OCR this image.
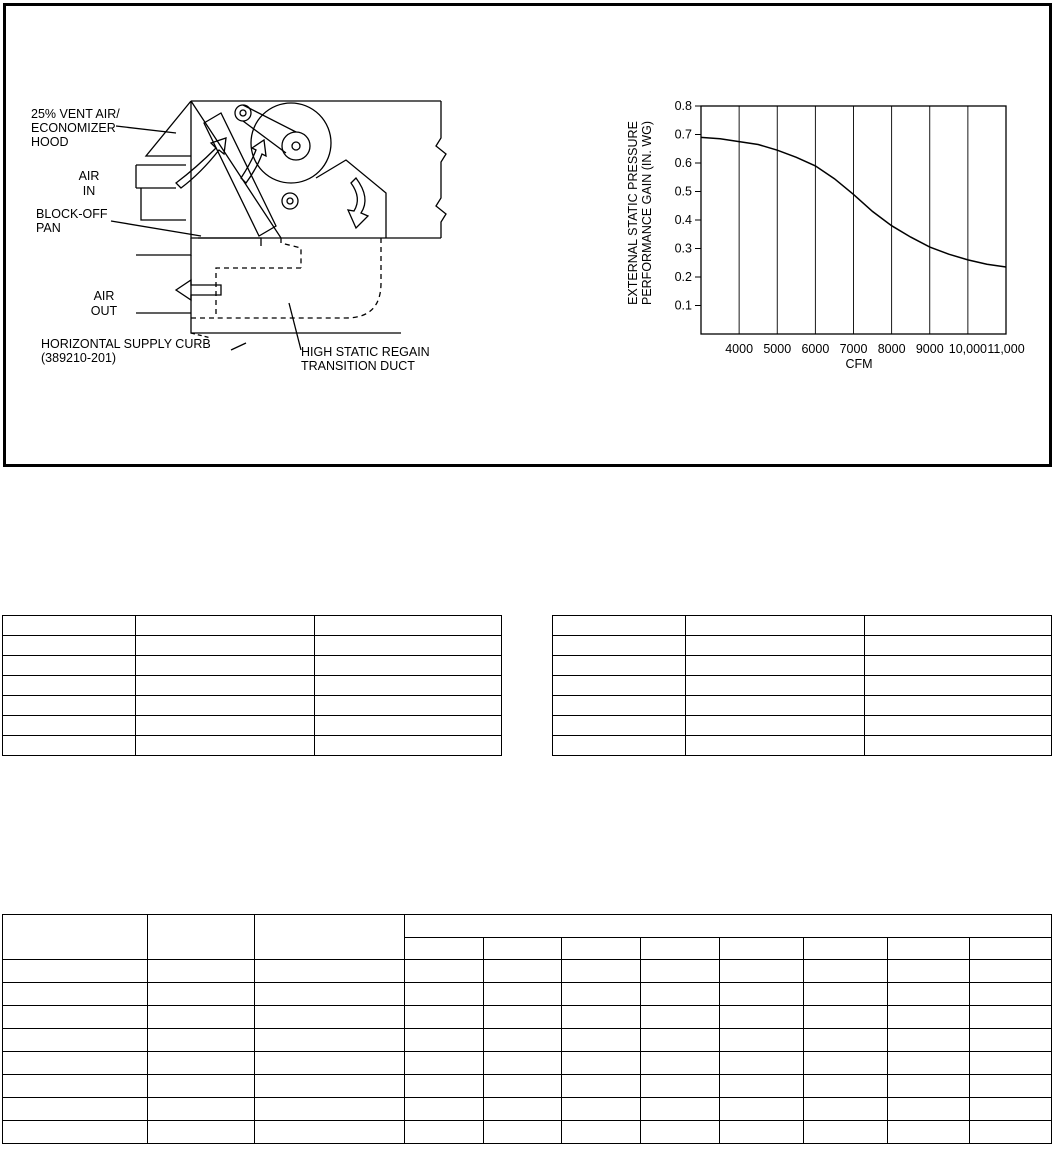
25% VENT AIR/
ECONOMIZER
HOOD
AIR
IN
BLOCK-OFF
PAN
AIR
OUT
HORIZONTAL SUPPLY CURB
(389210-201)	HIGH STATIC REGAIN
TRANSITION DUCT
4000 5000 6000 7000 8000 9000 10,000 11,000
0.1
0.2
0.3
0.4
0.5
0.6
0.7
0.8
EXTERNAL STATIC PRESSURE PERFORMANCE GAIN (IN. WG)
CFM
